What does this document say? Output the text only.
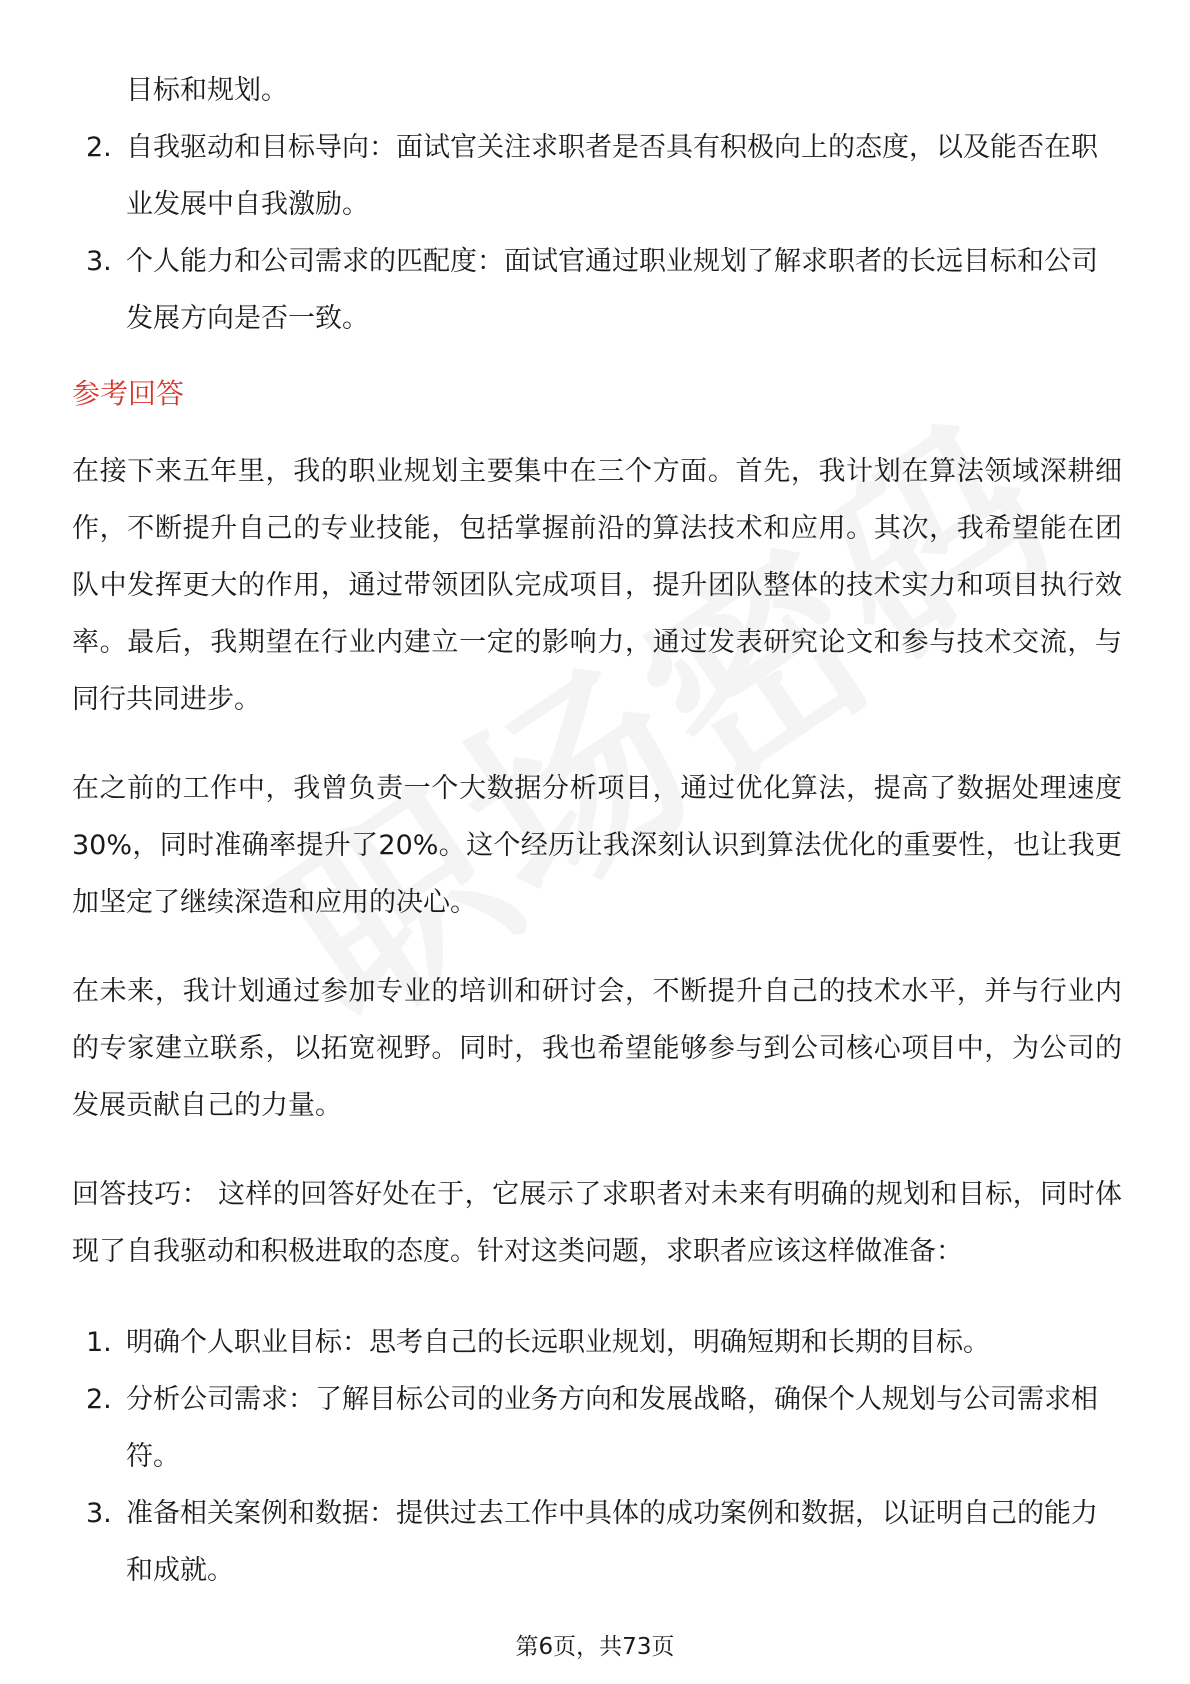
目标和规划。
2. 自我驱动和目标导向：面试官关注求职者是否具有积极向上的态度，以及能否在职业发展中自我激励。
3. 个人能力和公司需求的匹配度：面试官通过职业规划了解求职者的长远目标和公司发展方向是否一致。
参考回答

在接下来五年里，我的职业规划主要集中在三个方面。首先，我计划在算法领域深耕细作，不断提升自己的专业技能，包括掌握前沿的算法技术和应用。其次，我希望能在团队中发挥更大的作用，通过带领团队完成项目，提升团队整体的技术实力和项目执行效率。最后，我期望在行业内建立一定的影响力，通过发表研究论文和参与技术交流，与同行共同进步。

在之前的工作中，我曾负责一个大数据分析项目，通过优化算法，提高了数据处理速度30%，同时准确率提升了20%。这个经历让我深刻认识到算法优化的重要性，也让我更加坚定了继续深造和应用的决心。

在未来，我计划通过参加专业的培训和研讨会，不断提升自己的技术水平，并与行业内的专家建立联系，以拓宽视野。同时，我也希望能够参与到公司核心项目中，为公司的发展贡献自己的力量。

回答技巧： 这样的回答好处在于，它展示了求职者对未来有明确的规划和目标，同时体现了自我驱动和积极进取的态度。针对这类问题，求职者应该这样做准备：

1. 明确个人职业目标：思考自己的长远职业规划，明确短期和长期的目标。
2. 分析公司需求：了解目标公司的业务方向和发展战略，确保个人规划与公司需求相符。
3. 准备相关案例和数据：提供过去工作中具体的成功案例和数据，以证明自己的能力和成就。
第6页，共73页
